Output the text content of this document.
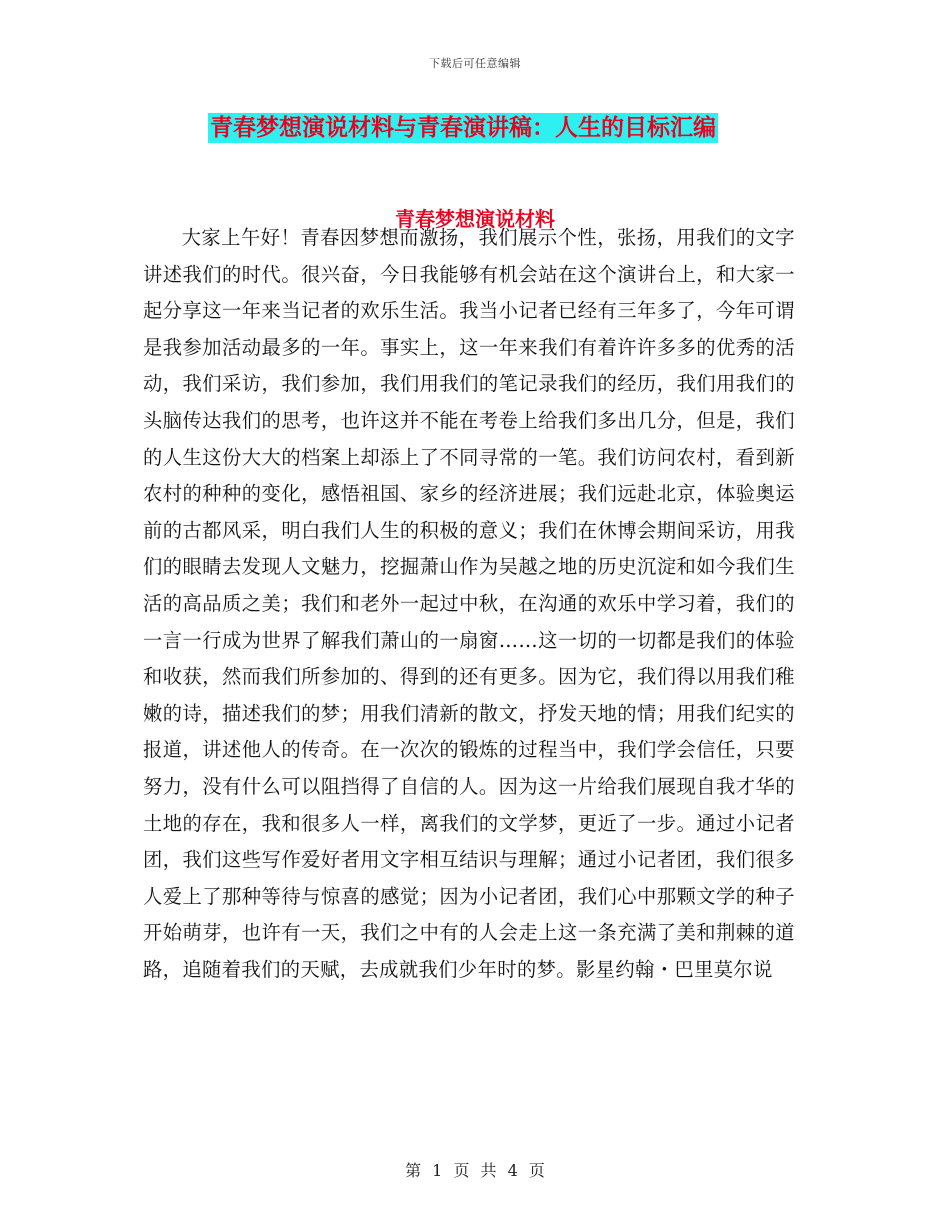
下载后可任意编辑
青春梦想演说材料与青春演讲稿：人生的目标汇编
青春梦想演说材料

大家上午好！青春因梦想而激扬，我们展示个性，张扬，用我们的文字讲述我们的时代。很兴奋，今日我能够有机会站在这个演讲台上，和大家一起分享这一年来当记者的欢乐生活。我当小记者已经有三年多了，今年可谓是我参加活动最多的一年。事实上，这一年来我们有着许许多多的优秀的活动，我们采访，我们参加，我们用我们的笔记录我们的经历，我们用我们的头脑传达我们的思考，也许这并不能在考卷上给我们多出几分，但是，我们的人生这份大大的档案上却添上了不同寻常的一笔。我们访问农村，看到新农村的种种的变化，感悟祖国、家乡的经济进展；我们远赴北京，体验奥运前的古都风采，明白我们人生的积极的意义；我们在休博会期间采访，用我们的眼睛去发现人文魅力，挖掘萧山作为吴越之地的历史沉淀和如今我们生活的高品质之美；我们和老外一起过中秋，在沟通的欢乐中学习着，我们的一言一行成为世界了解我们萧山的一扇窗……这一切的一切都是我们的体验和收获，然而我们所参加的、得到的还有更多。因为它，我们得以用我们稚嫩的诗，描述我们的梦；用我们清新的散文，抒发天地的情；用我们纪实的报道，讲述他人的传奇。在一次次的锻炼的过程当中，我们学会信任，只要努力，没有什么可以阻挡得了自信的人。因为这一片给我们展现自我才华的土地的存在，我和很多人一样，离我们的文学梦，更近了一步。通过小记者团，我们这些写作爱好者用文字相互结识与理解；通过小记者团，我们很多人爱上了那种等待与惊喜的感觉；因为小记者团，我们心中那颗文学的种子开始萌芽，也许有一天，我们之中有的人会走上这一条充满了美和荆棘的道路，追随着我们的天赋，去成就我们少年时的梦。影星约翰・巴里莫尔说

第 1 页 共 4 页
